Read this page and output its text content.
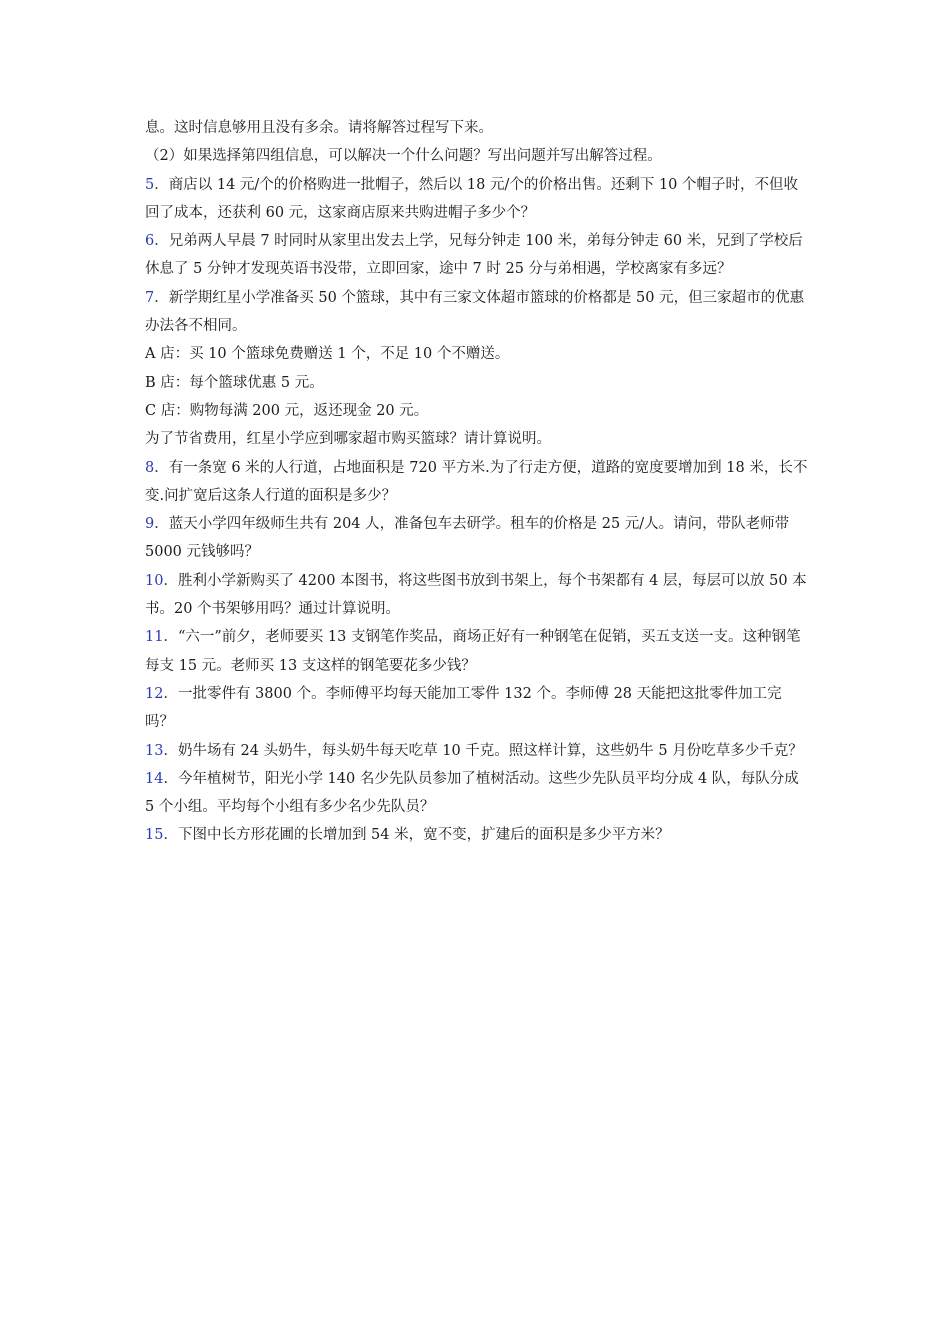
息。这时信息够用且没有多余。请将解答过程写下来。

（2）如果选择第四组信息，可以解决一个什么问题？写出问题并写出解答过程。

5．商店以 14 元/个的价格购进一批帽子，然后以 18 元/个的价格出售。还剩下 10 个帽子时，不但收回了成本，还获利 60 元，这家商店原来共购进帽子多少个？

6．兄弟两人早晨 7 时同时从家里出发去上学，兄每分钟走 100 米，弟每分钟走 60 米，兄到了学校后休息了 5 分钟才发现英语书没带，立即回家，途中 7 时 25 分与弟相遇，学校离家有多远？

7．新学期红星小学准备买 50 个篮球，其中有三家文体超市篮球的价格都是 50 元，但三家超市的优惠办法各不相同。

A 店：买 10 个篮球免费赠送 1 个，不足 10 个不赠送。

B 店：每个篮球优惠 5 元。

C 店：购物每满 200 元，返还现金 20 元。

为了节省费用，红星小学应到哪家超市购买篮球？请计算说明。

8．有一条宽 6 米的人行道，占地面积是 720 平方米.为了行走方便，道路的宽度要增加到 18 米，长不变.问扩宽后这条人行道的面积是多少？

9．蓝天小学四年级师生共有 204 人，准备包车去研学。租车的价格是 25 元/人。请问，带队老师带 5000 元钱够吗？

10．胜利小学新购买了 4200 本图书，将这些图书放到书架上，每个书架都有 4 层，每层可以放 50 本书。20 个书架够用吗？通过计算说明。

11．“六一”前夕，老师要买 13 支钢笔作奖品，商场正好有一种钢笔在促销，买五支送一支。这种钢笔每支 15 元。老师买 13 支这样的钢笔要花多少钱？

12．一批零件有 3800 个。李师傅平均每天能加工零件 132 个。李师傅 28 天能把这批零件加工完吗？

13．奶牛场有 24 头奶牛，每头奶牛每天吃草 10 千克。照这样计算，这些奶牛 5 月份吃草多少千克？

14．今年植树节，阳光小学 140 名少先队员参加了植树活动。这些少先队员平均分成 4 队，每队分成 5 个小组。平均每个小组有多少名少先队员？

15．下图中长方形花圃的长增加到 54 米，宽不变，扩建后的面积是多少平方米？
